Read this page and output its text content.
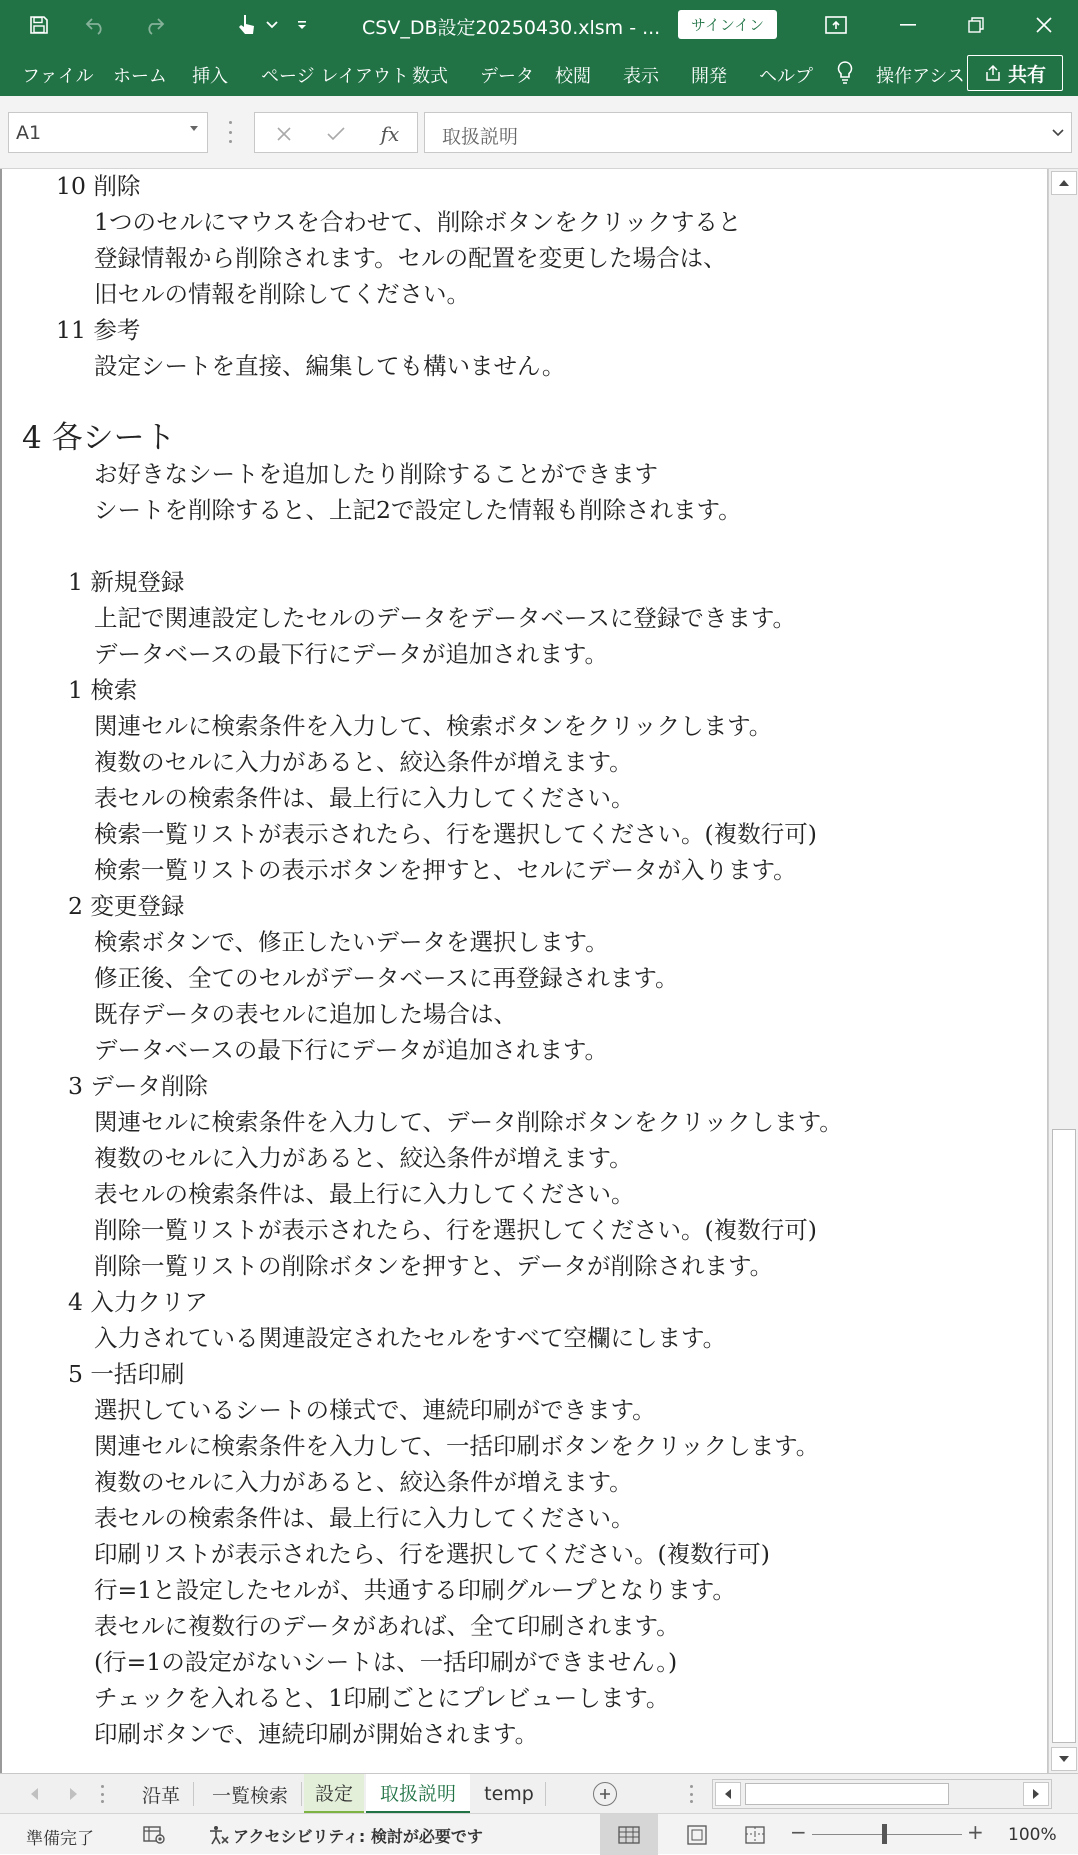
CSV_DB設定20250430.xlsm - ...	サインイン
ファイル ホーム 挿入 ページ レイアウト 数式 データ 校閲 表示 開発 ヘルプ	操作アシス 共有
A1	fx	取扱説明
10 削除
1つのセルにマウスを合わせて、削除ボタンをクリックすると
登録情報から削除されます。セルの配置を変更した場合は、
旧セルの情報を削除してください。
11 参考
設定シートを直接、編集しても構いません。
4 各シート
お好きなシートを追加したり削除することができます
シートを削除すると、上記2で設定した情報も削除されます。
1 新規登録
上記で関連設定したセルのデータをデータベースに登録できます。
データベースの最下行にデータが追加されます。
1 検索
関連セルに検索条件を入力して、検索ボタンをクリックします。
複数のセルに入力があると、絞込条件が増えます。
表セルの検索条件は、最上行に入力してください。
検索一覧リストが表示されたら、行を選択してください。(複数行可)
検索一覧リストの表示ボタンを押すと、セルにデータが入ります。
2 変更登録
検索ボタンで、修正したいデータを選択します。
修正後、全てのセルがデータベースに再登録されます。
既存データの表セルに追加した場合は、
データベースの最下行にデータが追加されます。
3 データ削除
関連セルに検索条件を入力して、データ削除ボタンをクリックします。
複数のセルに入力があると、絞込条件が増えます。
表セルの検索条件は、最上行に入力してください。
削除一覧リストが表示されたら、行を選択してください。(複数行可)
削除一覧リストの削除ボタンを押すと、データが削除されます。
4 入力クリア
入力されている関連設定されたセルをすべて空欄にします。
5 一括印刷
選択しているシートの様式で、連続印刷ができます。
関連セルに検索条件を入力して、一括印刷ボタンをクリックします。
複数のセルに入力があると、絞込条件が増えます。
表セルの検索条件は、最上行に入力してください。
印刷リストが表示されたら、行を選択してください。(複数行可)
行=1と設定したセルが、共通する印刷グループとなります。
表セルに複数行のデータがあれば、全て印刷されます。
(行=1の設定がないシートは、一括印刷ができません。)
チェックを入れると、1印刷ごとにプレビューします。
印刷ボタンで、連続印刷が開始されます。
沿革	一覧検索	設定	取扱説明	temp
準備完了	アクセシビリティ: 検討が必要です	−	+ 100%
